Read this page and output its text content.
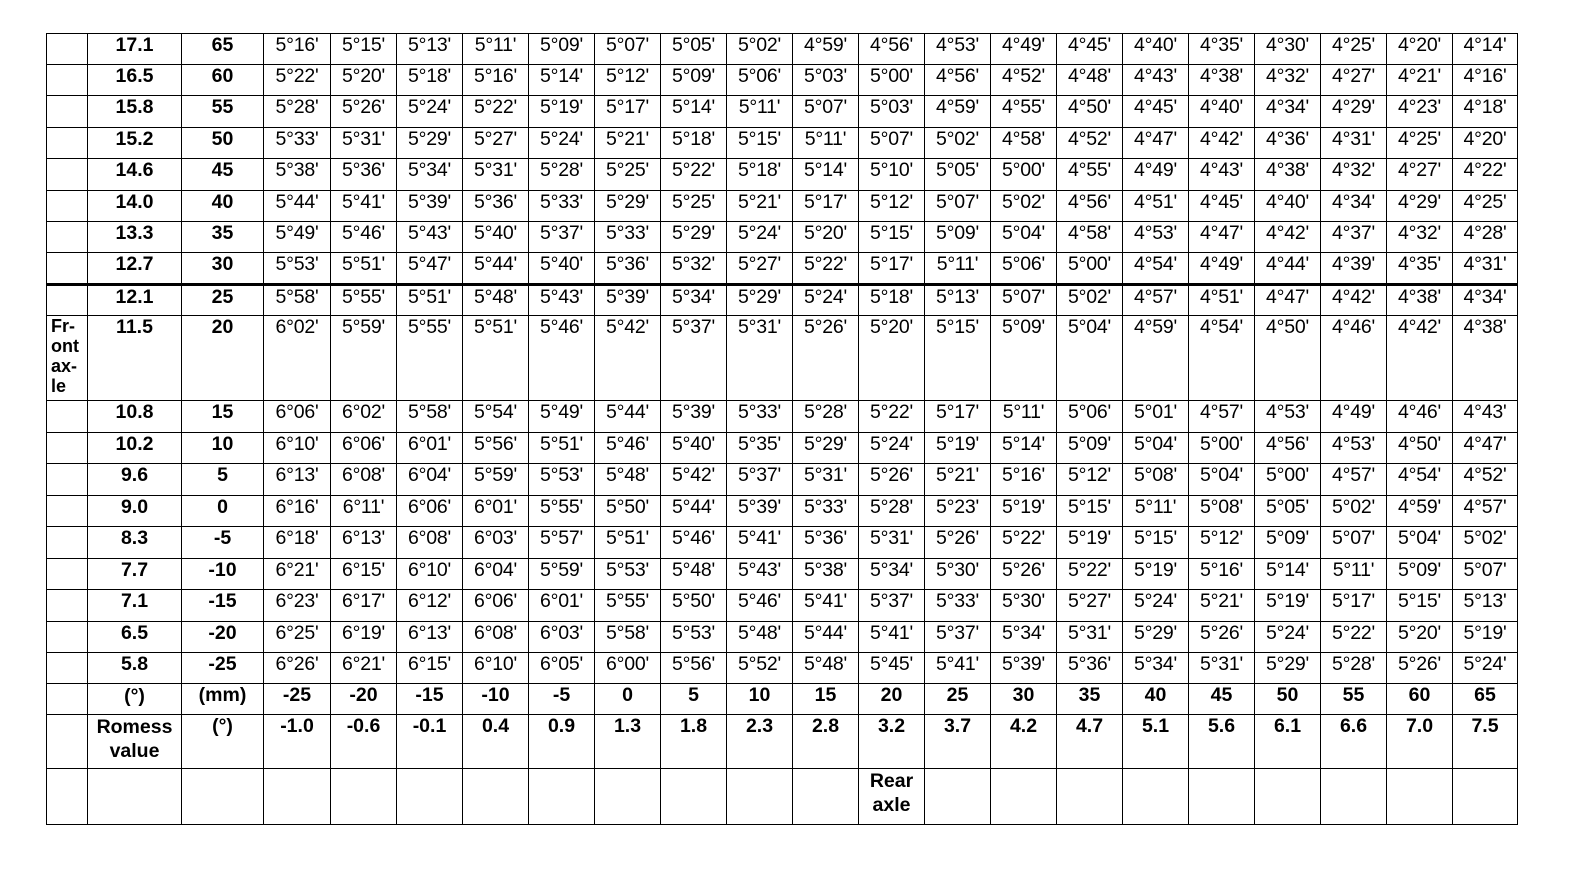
	17.1	65	5°16'	5°15'	5°13'	5°11'	5°09'	5°07'	5°05'	5°02'	4°59'	4°56'	4°53'	4°49'	4°45'	4°40'	4°35'	4°30'	4°25'	4°20'	4°14'
	16.5	60	5°22'	5°20'	5°18'	5°16'	5°14'	5°12'	5°09'	5°06'	5°03'	5°00'	4°56'	4°52'	4°48'	4°43'	4°38'	4°32'	4°27'	4°21'	4°16'
	15.8	55	5°28'	5°26'	5°24'	5°22'	5°19'	5°17'	5°14'	5°11'	5°07'	5°03'	4°59'	4°55'	4°50'	4°45'	4°40'	4°34'	4°29'	4°23'	4°18'
	15.2	50	5°33'	5°31'	5°29'	5°27'	5°24'	5°21'	5°18'	5°15'	5°11'	5°07'	5°02'	4°58'	4°52'	4°47'	4°42'	4°36'	4°31'	4°25'	4°20'
	14.6	45	5°38'	5°36'	5°34'	5°31'	5°28'	5°25'	5°22'	5°18'	5°14'	5°10'	5°05'	5°00'	4°55'	4°49'	4°43'	4°38'	4°32'	4°27'	4°22'
	14.0	40	5°44'	5°41'	5°39'	5°36'	5°33'	5°29'	5°25'	5°21'	5°17'	5°12'	5°07'	5°02'	4°56'	4°51'	4°45'	4°40'	4°34'	4°29'	4°25'
	13.3	35	5°49'	5°46'	5°43'	5°40'	5°37'	5°33'	5°29'	5°24'	5°20'	5°15'	5°09'	5°04'	4°58'	4°53'	4°47'	4°42'	4°37'	4°32'	4°28'
	12.7	30	5°53'	5°51'	5°47'	5°44'	5°40'	5°36'	5°32'	5°27'	5°22'	5°17'	5°11'	5°06'	5°00'	4°54'	4°49'	4°44'	4°39'	4°35'	4°31'
	12.1	25	5°58'	5°55'	5°51'	5°48'	5°43'	5°39'	5°34'	5°29'	5°24'	5°18'	5°13'	5°07'	5°02'	4°57'	4°51'	4°47'	4°42'	4°38'	4°34'
Fr-
ont
ax-
le	11.5	20	6°02'	5°59'	5°55'	5°51'	5°46'	5°42'	5°37'	5°31'	5°26'	5°20'	5°15'	5°09'	5°04'	4°59'	4°54'	4°50'	4°46'	4°42'	4°38'
	10.8	15	6°06'	6°02'	5°58'	5°54'	5°49'	5°44'	5°39'	5°33'	5°28'	5°22'	5°17'	5°11'	5°06'	5°01'	4°57'	4°53'	4°49'	4°46'	4°43'
	10.2	10	6°10'	6°06'	6°01'	5°56'	5°51'	5°46'	5°40'	5°35'	5°29'	5°24'	5°19'	5°14'	5°09'	5°04'	5°00'	4°56'	4°53'	4°50'	4°47'
	9.6	5	6°13'	6°08'	6°04'	5°59'	5°53'	5°48'	5°42'	5°37'	5°31'	5°26'	5°21'	5°16'	5°12'	5°08'	5°04'	5°00'	4°57'	4°54'	4°52'
	9.0	0	6°16'	6°11'	6°06'	6°01'	5°55'	5°50'	5°44'	5°39'	5°33'	5°28'	5°23'	5°19'	5°15'	5°11'	5°08'	5°05'	5°02'	4°59'	4°57'
	8.3	-5	6°18'	6°13'	6°08'	6°03'	5°57'	5°51'	5°46'	5°41'	5°36'	5°31'	5°26'	5°22'	5°19'	5°15'	5°12'	5°09'	5°07'	5°04'	5°02'
	7.7	-10	6°21'	6°15'	6°10'	6°04'	5°59'	5°53'	5°48'	5°43'	5°38'	5°34'	5°30'	5°26'	5°22'	5°19'	5°16'	5°14'	5°11'	5°09'	5°07'
	7.1	-15	6°23'	6°17'	6°12'	6°06'	6°01'	5°55'	5°50'	5°46'	5°41'	5°37'	5°33'	5°30'	5°27'	5°24'	5°21'	5°19'	5°17'	5°15'	5°13'
	6.5	-20	6°25'	6°19'	6°13'	6°08'	6°03'	5°58'	5°53'	5°48'	5°44'	5°41'	5°37'	5°34'	5°31'	5°29'	5°26'	5°24'	5°22'	5°20'	5°19'
	5.8	-25	6°26'	6°21'	6°15'	6°10'	6°05'	6°00'	5°56'	5°52'	5°48'	5°45'	5°41'	5°39'	5°36'	5°34'	5°31'	5°29'	5°28'	5°26'	5°24'
	(°)	(mm)	-25	-20	-15	-10	-5	0	5	10	15	20	25	30	35	40	45	50	55	60	65
	Romess value	(°)	-1.0	-0.6	-0.1	0.4	0.9	1.3	1.8	2.3	2.8	3.2	3.7	4.2	4.7	5.1	5.6	6.1	6.6	7.0	7.5
												Rear axle									
